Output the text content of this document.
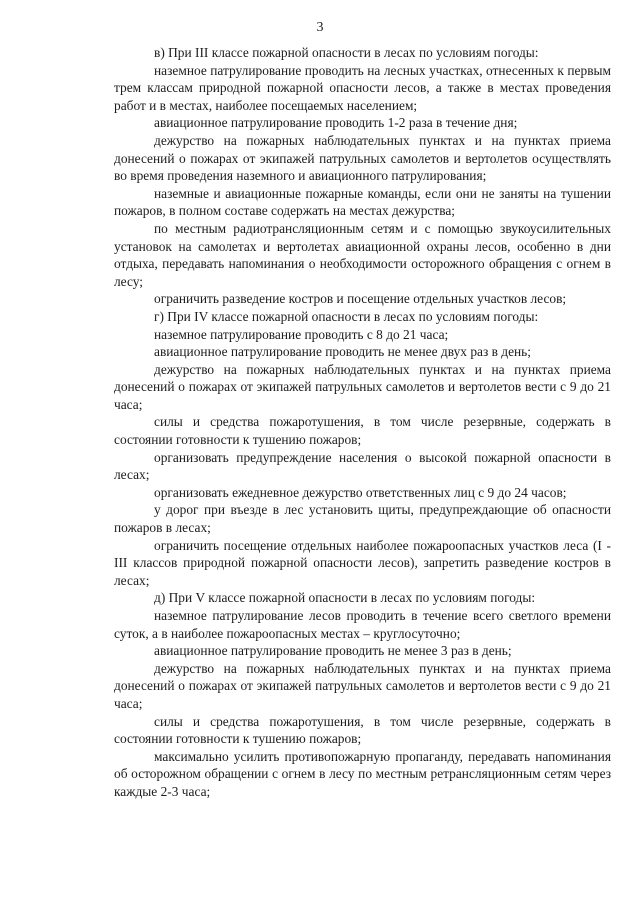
3

в) При III классе пожарной опасности в лесах по условиям погоды:

наземное патрулирование проводить на лесных участках, отнесенных к первым трем классам природной пожарной опасности лесов, а также в местах проведения работ и в местах, наиболее посещаемых населением;

авиационное патрулирование проводить 1-2 раза в течение дня;

дежурство на пожарных наблюдательных пунктах и на пунктах приема донесений о пожарах от экипажей патрульных самолетов и вертолетов осуществлять во время проведения наземного и авиационного патрулирования;

наземные и авиационные пожарные команды, если они не заняты на тушении пожаров, в полном составе содержать на местах дежурства;

по местным радиотрансляционным сетям и с помощью звукоусилительных установок на самолетах и вертолетах авиационной охраны лесов, особенно в дни отдыха, передавать напоминания о необходимости осторожного обращения с огнем в лесу;

ограничить разведение костров и посещение отдельных участков лесов;

г) При IV классе пожарной опасности в лесах по условиям погоды:

наземное патрулирование проводить с 8 до 21 часа;

авиационное патрулирование проводить не менее двух раз в день;

дежурство на пожарных наблюдательных пунктах и на пунктах приема донесений о пожарах от экипажей патрульных самолетов и вертолетов вести с 9 до 21 часа;

силы и средства пожаротушения, в том числе резервные, содержать в состоянии готовности к тушению пожаров;

организовать предупреждение населения о высокой пожарной опасности в лесах;

организовать ежедневное дежурство ответственных лиц с 9 до 24 часов;

у дорог при въезде в лес установить щиты, предупреждающие об опасности пожаров в лесах;

ограничить посещение отдельных наиболее пожароопасных участков леса (I - III классов природной пожарной опасности лесов), запретить разведение костров в лесах;

д) При V классе пожарной опасности в лесах по условиям погоды:

наземное патрулирование лесов проводить в течение всего светлого времени суток, а в наиболее пожароопасных местах – круглосуточно;

авиационное патрулирование проводить не менее 3 раз в день;

дежурство на пожарных наблюдательных пунктах и на пунктах приема донесений о пожарах от экипажей патрульных самолетов и вертолетов вести с 9 до 21 часа;

силы и средства пожаротушения, в том числе резервные, содержать в состоянии готовности к тушению пожаров;

максимально усилить противопожарную пропаганду, передавать напоминания об осторожном обращении с огнем в лесу по местным ретрансляционным сетям через каждые 2-3 часа;
